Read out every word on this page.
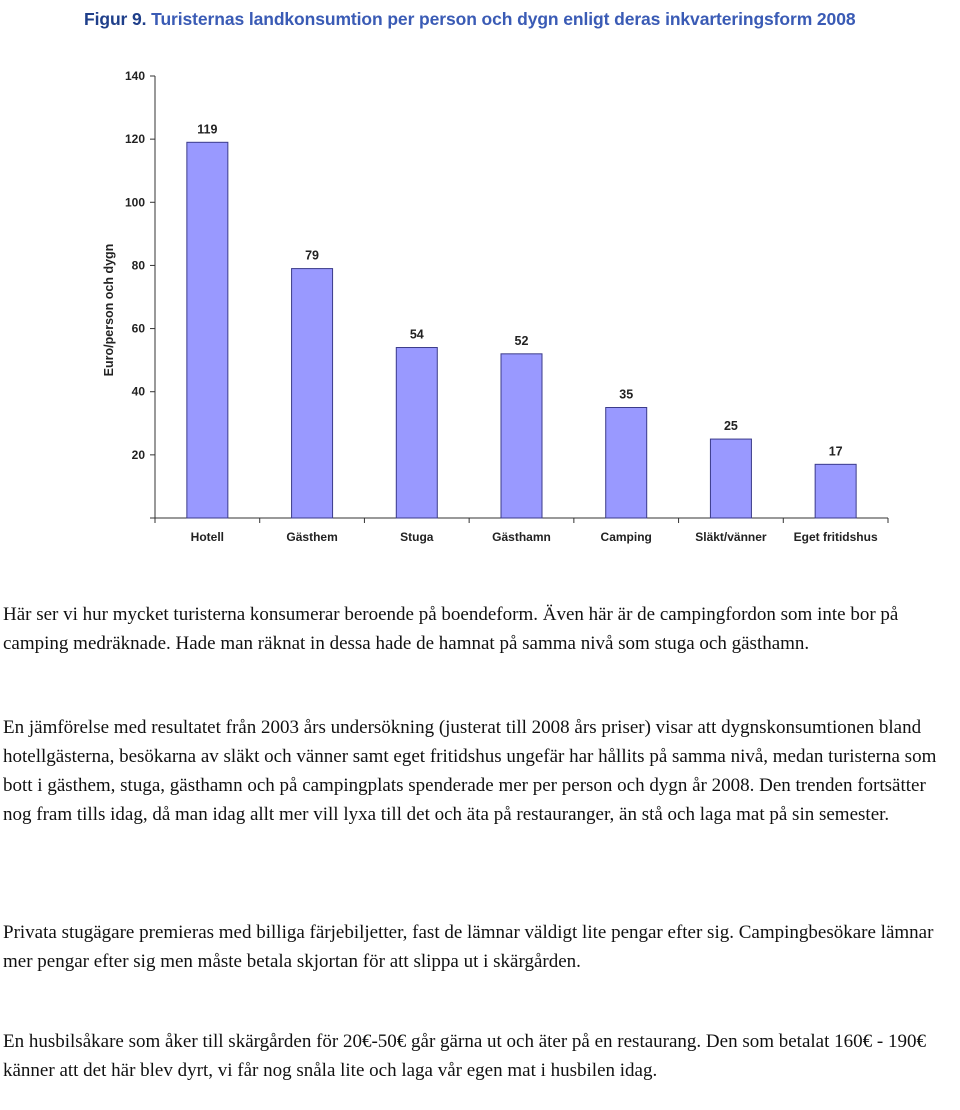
Figur 9. Turisternas landkonsumtion per person och dygn enligt deras inkvarteringsform 2008
20
40
60
80
100
120
140
Euro/person och dygn
119
Hotell
79
Gästhem
54
Stuga
52
Gästhamn
35
Camping
25
Släkt/vänner
17
Eget fritidshus

Här ser vi hur mycket turisterna konsumerar beroende på boendeform. Även här är de campingfordon som inte bor på camping medräknade. Hade man räknat in dessa hade de hamnat på samma nivå som stuga och gästhamn.

En jämförelse med resultatet från 2003 års undersökning (justerat till 2008 års priser) visar att dygnskonsumtionen bland hotellgästerna, besökarna av släkt och vänner samt eget fritidshus ungefär har hållits på samma nivå, medan turisterna som bott i gästhem, stuga, gästhamn och på campingplats spenderade mer per person och dygn år 2008. Den trenden fortsätter nog fram tills idag, då man idag allt mer vill lyxa till det och äta på restauranger, än stå och laga mat på sin semester.

Privata stugägare premieras med billiga färjebiljetter, fast de lämnar väldigt lite pengar efter sig. Campingbesökare lämnar mer pengar efter sig men måste betala skjortan för att slippa ut i skärgården.

En husbilsåkare som åker till skärgården för 20€-50€ går gärna ut och äter på en restaurang. Den som betalat 160€ - 190€ känner att det här blev dyrt, vi får nog snåla lite och laga vår egen mat i husbilen idag.
